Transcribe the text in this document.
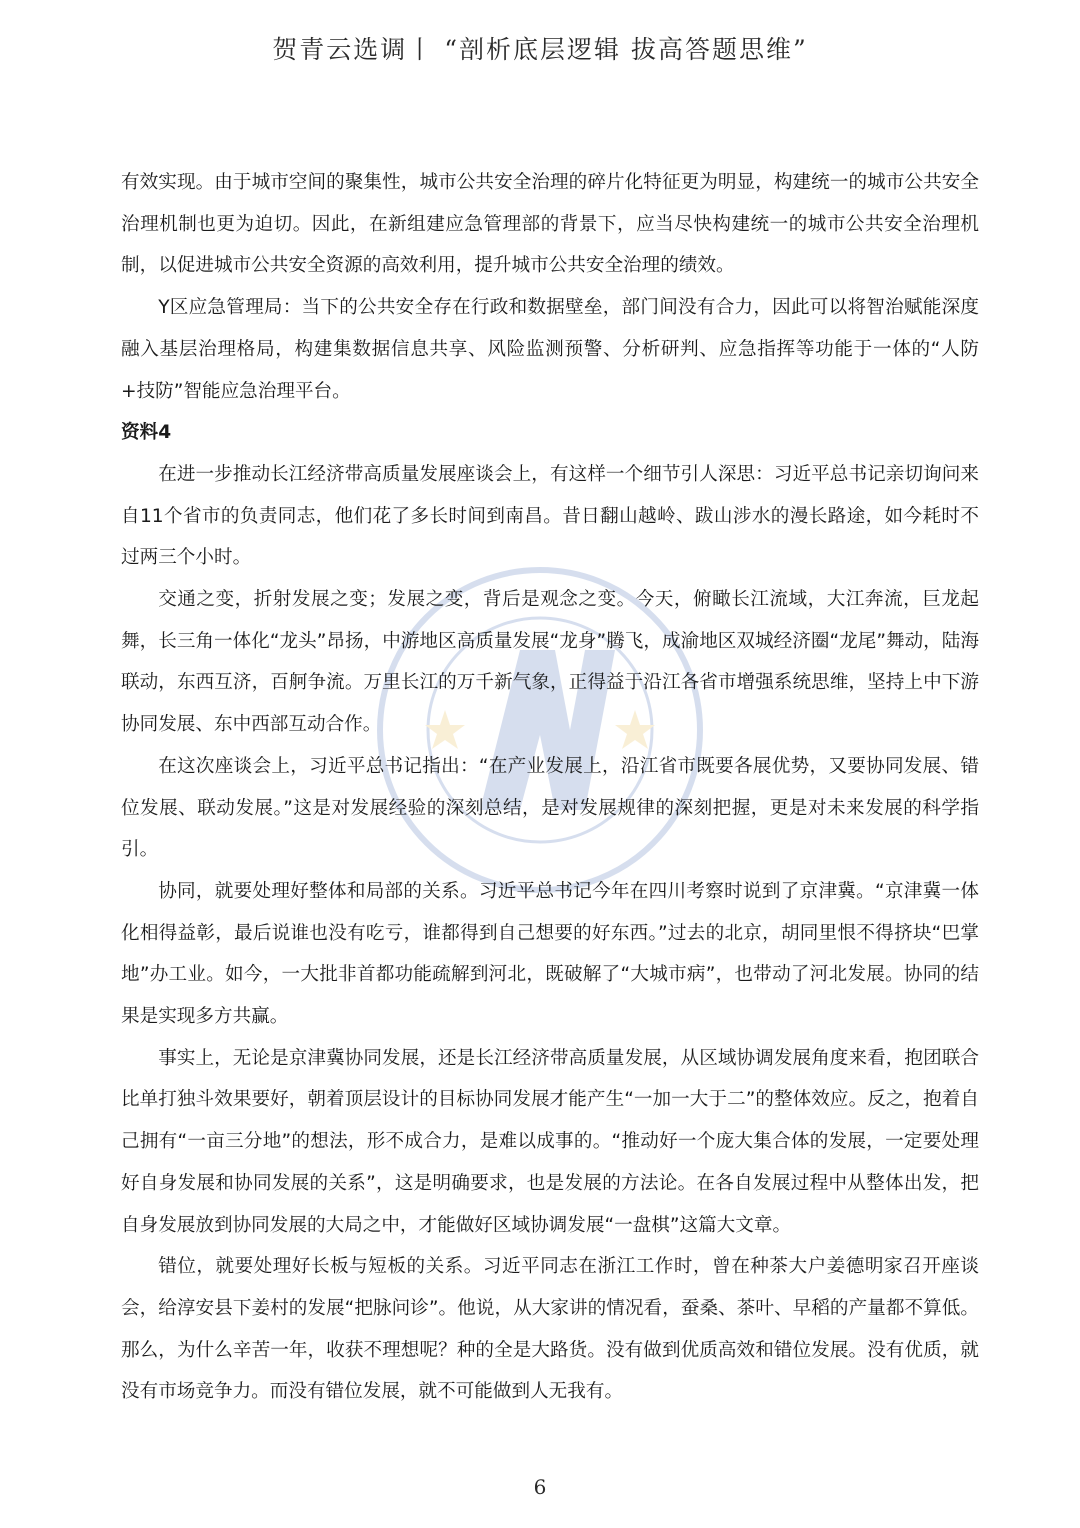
贺青云选调丨 “剖析底层逻辑 拔高答题思维”

有效实现。由于城市空间的聚集性，城市公共安全治理的碎片化特征更为明显，构建统一的城市公共安全治理机制也更为迫切。因此，在新组建应急管理部的背景下，应当尽快构建统一的城市公共安全治理机制，以促进城市公共安全资源的高效利用，提升城市公共安全治理的绩效。

Y区应急管理局：当下的公共安全存在行政和数据壁垒，部门间没有合力，因此可以将智治赋能深度融入基层治理格局，构建集数据信息共享、风险监测预警、分析研判、应急指挥等功能于一体的“人防+技防”智能应急治理平台。

资料4

在进一步推动长江经济带高质量发展座谈会上，有这样一个细节引人深思：习近平总书记亲切询问来自11个省市的负责同志，他们花了多长时间到南昌。昔日翻山越岭、跋山涉水的漫长路途，如今耗时不过两三个小时。

交通之变，折射发展之变；发展之变，背后是观念之变。今天，俯瞰长江流域，大江奔流，巨龙起舞，长三角一体化“龙头”昂扬，中游地区高质量发展“龙身”腾飞，成渝地区双城经济圈“龙尾”舞动，陆海联动，东西互济，百舸争流。万里长江的万千新气象，正得益于沿江各省市增强系统思维，坚持上中下游协同发展、东中西部互动合作。

在这次座谈会上，习近平总书记指出：“在产业发展上，沿江省市既要各展优势，又要协同发展、错位发展、联动发展。”这是对发展经验的深刻总结，是对发展规律的深刻把握，更是对未来发展的科学指引。

协同，就要处理好整体和局部的关系。习近平总书记今年在四川考察时说到了京津冀。“京津冀一体化相得益彰，最后说谁也没有吃亏，谁都得到自己想要的好东西。”过去的北京，胡同里恨不得挤块“巴掌地”办工业。如今，一大批非首都功能疏解到河北，既破解了“大城市病”，也带动了河北发展。协同的结果是实现多方共赢。

事实上，无论是京津冀协同发展，还是长江经济带高质量发展，从区域协调发展角度来看，抱团联合比单打独斗效果要好，朝着顶层设计的目标协同发展才能产生“一加一大于二”的整体效应。反之，抱着自己拥有“一亩三分地”的想法，形不成合力，是难以成事的。“推动好一个庞大集合体的发展，一定要处理好自身发展和协同发展的关系”，这是明确要求，也是发展的方法论。在各自发展过程中从整体出发，把自身发展放到协同发展的大局之中，才能做好区域协调发展“一盘棋”这篇大文章。

错位，就要处理好长板与短板的关系。习近平同志在浙江工作时，曾在种茶大户姜德明家召开座谈会，给淳安县下姜村的发展“把脉问诊”。他说，从大家讲的情况看，蚕桑、茶叶、早稻的产量都不算低。那么，为什么辛苦一年，收获不理想呢？种的全是大路货。没有做到优质高效和错位发展。没有优质，就没有市场竞争力。而没有错位发展，就不可能做到人无我有。

6
